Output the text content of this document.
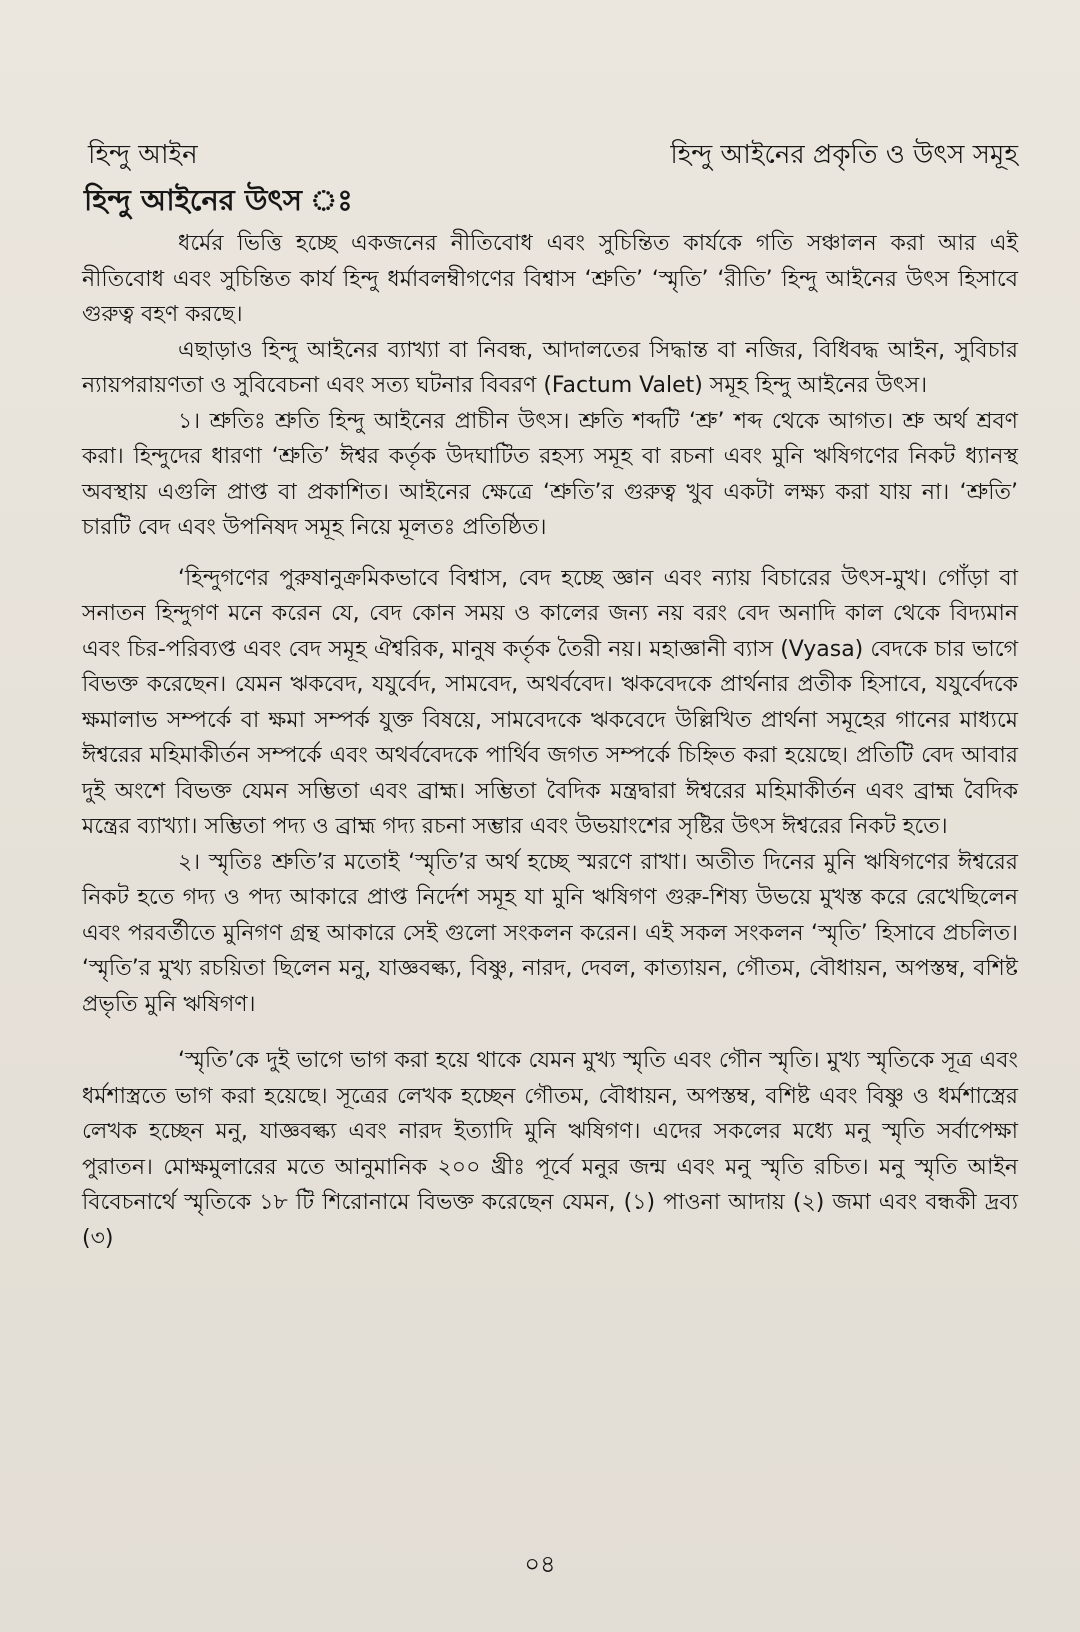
হিন্দু আইন	হিন্দু আইনের প্রকৃতি ও উৎস সমূহ
হিন্দু আইনের উৎস ঃ

ধর্মের ভিত্তি হচ্ছে একজনের নীতিবোধ এবং সুচিন্তিত কার্যকে গতি সঞ্চালন করা আর এই নীতিবোধ এবং সুচিন্তিত কার্য হিন্দু ধর্মাবলম্বীগণের বিশ্বাস ‘শ্রুতি’ ‘স্মৃতি’ ‘রীতি’ হিন্দু আইনের উৎস হিসাবে গুরুত্ব বহণ করছে।

এছাড়াও হিন্দু আইনের ব্যাখ্যা বা নিবন্ধ, আদালতের সিদ্ধান্ত বা নজির, বিধিবদ্ধ আইন, সুবিচার ন্যায়পরায়ণতা ও সুবিবেচনা এবং সত্য ঘটনার বিবরণ (Factum Valet) সমূহ হিন্দু আইনের উৎস।

১। শ্রুতিঃ শ্রুতি হিন্দু আইনের প্রাচীন উৎস। শ্রুতি শব্দটি ‘শ্রু’ শব্দ থেকে আগত। শ্রু অর্থ শ্রবণ করা। হিন্দুদের ধারণা ‘শ্রুতি’ ঈশ্বর কর্তৃক উদঘাটিত রহস্য সমূহ বা রচনা এবং মুনি ঋষিগণের নিকট ধ্যানস্থ অবস্থায় এগুলি প্রাপ্ত বা প্রকাশিত। আইনের ক্ষেত্রে ‘শ্রুতি’র গুরুত্ব খুব একটা লক্ষ্য করা যায় না। ‘শ্রুতি’ চারটি বেদ এবং উপনিষদ সমূহ নিয়ে মূলতঃ প্রতিষ্ঠিত।

‘হিন্দুগণের পুরুষানুক্রমিকভাবে বিশ্বাস, বেদ হচ্ছে জ্ঞান এবং ন্যায় বিচারের উৎস-মুখ। গোঁড়া বা সনাতন হিন্দুগণ মনে করেন যে, বেদ কোন সময় ও কালের জন্য নয় বরং বেদ অনাদি কাল থেকে বিদ্যমান এবং চির-পরিব্যপ্ত এবং বেদ সমূহ ঐশ্বরিক, মানুষ কর্তৃক তৈরী নয়। মহাজ্ঞানী ব্যাস (Vyasa) বেদকে চার ভাগে বিভক্ত করেছেন। যেমন ঋকবেদ, যযুর্বেদ, সামবেদ, অথর্ববেদ। ঋকবেদকে প্রার্থনার প্রতীক হিসাবে, যযুর্বেদকে ক্ষমালাভ সম্পর্কে বা ক্ষমা সম্পর্ক যুক্ত বিষয়ে, সামবেদকে ঋকবেদে উল্লিখিত প্রার্থনা সমূহের গানের মাধ্যমে ঈশ্বরের মহিমাকীর্তন সম্পর্কে এবং অথর্ববেদকে পার্থিব জগত সম্পর্কে চিহ্নিত করা হয়েছে। প্রতিটি বেদ আবার দুই অংশে বিভক্ত যেমন সম্ভিতা এবং ব্রাহ্ম। সম্ভিতা বৈদিক মন্ত্রদ্বারা ঈশ্বরের মহিমাকীর্তন এবং ব্রাহ্ম বৈদিক মন্ত্রের ব্যাখ্যা। সম্ভিতা পদ্য ও ব্রাহ্ম গদ্য রচনা সম্ভার এবং উভয়াংশের সৃষ্টির উৎস ঈশ্বরের নিকট হতে।

২। স্মৃতিঃ শ্রুতি’র মতোই ‘স্মৃতি’র অর্থ হচ্ছে স্মরণে রাখা। অতীত দিনের মুনি ঋষিগণের ঈশ্বরের নিকট হতে গদ্য ও পদ্য আকারে প্রাপ্ত নির্দেশ সমূহ যা মুনি ঋষিগণ গুরু-শিষ্য উভয়ে মুখস্ত করে রেখেছিলেন এবং পরবর্তীতে মুনিগণ গ্রন্থ আকারে সেই গুলো সংকলন করেন। এই সকল সংকলন ‘স্মৃতি’ হিসাবে প্রচলিত। ‘স্মৃতি’র মুখ্য রচয়িতা ছিলেন মনু, যাজ্ঞবল্ক্য, বিষ্ণু, নারদ, দেবল, কাত্যায়ন, গৌতম, বৌধায়ন, অপস্তম্ব, বশিষ্ট প্রভৃতি মুনি ঋষিগণ।

‘স্মৃতি’কে দুই ভাগে ভাগ করা হয়ে থাকে যেমন মুখ্য স্মৃতি এবং গৌন স্মৃতি। মুখ্য স্মৃতিকে সূত্র এবং ধর্মশাস্ত্রতে ভাগ করা হয়েছে। সূত্রের লেখক হচ্ছেন গৌতম, বৌধায়ন, অপস্তম্ব, বশিষ্ট এবং বিষ্ণু ও ধর্মশাস্ত্রের লেখক হচ্ছেন মনু, যাজ্ঞবল্ক্য এবং নারদ ইত্যাদি মুনি ঋষিগণ। এদের সকলের মধ্যে মনু স্মৃতি সর্বাপেক্ষা পুরাতন। মোক্ষমুলারের মতে আনুমানিক ২০০ খ্রীঃ পূর্বে মনুর জন্ম এবং মনু স্মৃতি রচিত। মনু স্মৃতি আইন বিবেচনার্থে স্মৃতিকে ১৮ টি শিরোনামে বিভক্ত করেছেন যেমন, (১) পাওনা আদায় (২) জমা এবং বন্ধকী দ্রব্য (৩)

০৪
